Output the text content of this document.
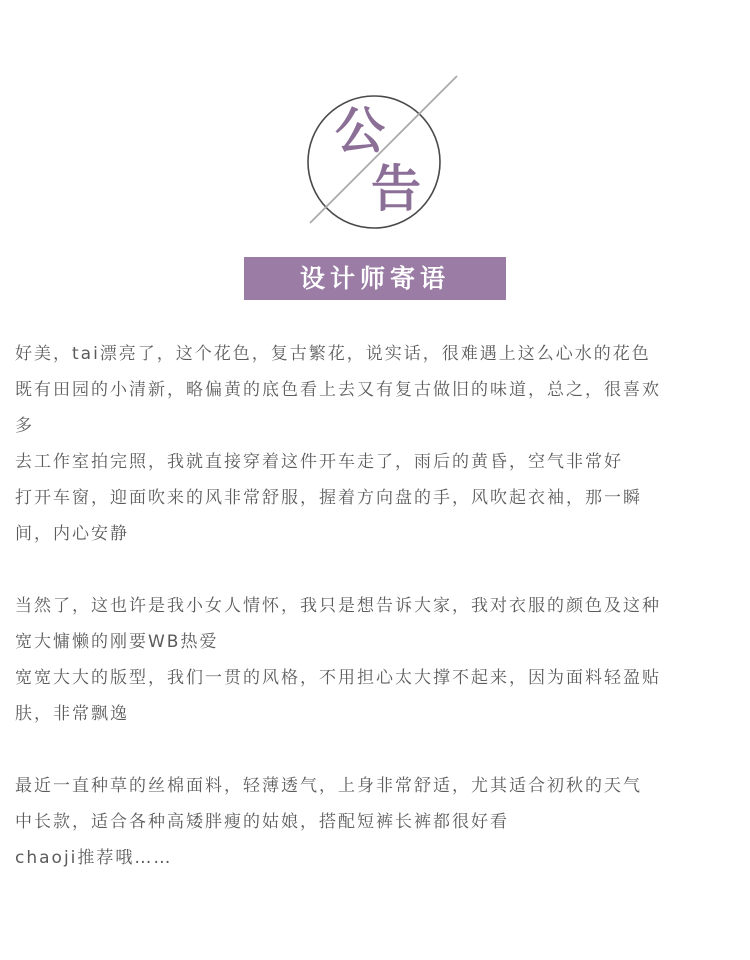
公
告
设计师寄语
好美，tai漂亮了，这个花色，复古繁花，说实话，很难遇上这么心水的花色
既有田园的小清新，略偏黄的底色看上去又有复古做旧的味道，总之，很喜欢
多
去工作室拍完照，我就直接穿着这件开车走了，雨后的黄昏，空气非常好
打开车窗，迎面吹来的风非常舒服，握着方向盘的手，风吹起衣袖，那一瞬
间，内心安静
当然了，这也许是我小女人情怀，我只是想告诉大家，我对衣服的颜色及这种
宽大慵懒的刚要WB热爱
宽宽大大的版型，我们一贯的风格，不用担心太大撑不起来，因为面料轻盈贴
肤，非常飘逸
最近一直种草的丝棉面料，轻薄透气，上身非常舒适，尤其适合初秋的天气
中长款，适合各种高矮胖瘦的姑娘，搭配短裤长裤都很好看
chaoji推荐哦……
